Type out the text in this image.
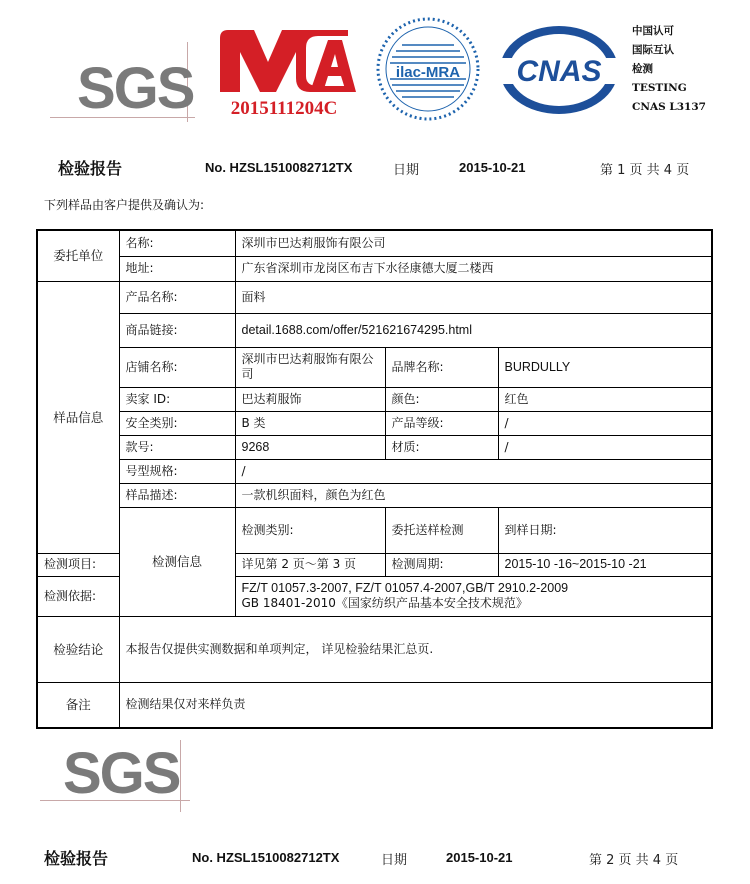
SGS 2015111204C
ilac-MRA CNAS
中国认可
国际互认
检测
TESTING
CNAS L3137
检验报告	No. HZSL1510082712TX	日期	2015-10-21	第 1 页 共 4 页
下列样品由客户提供及确认为:
委托单位	名称:	深圳市巴达莉服饰有限公司			
	地址:	广东省深圳市龙岗区布吉下水径康德大厦二楼西			
样品信息	产品名称:	面料			
	商品链接:	detail.1688.com/offer/521621674295.html			
	店铺名称:	深圳市巴达莉服饰有限公司	品牌名称:	BURDULLY	
	卖家 ID:	巴达莉服饰	颜色:	红色	
	安全类别:	B 类	产品等级:	/	
	款号:	9268	材质:	/	
	号型规格:	/			
	样品描述:	一款机织面料，颜色为红色			
	检测信息	检测类别:	委托送样检测	到样日期:	
检测项目:		详见第 2 页～第 3 页	检测周期:	2015-10 -16~2015-10 -21	
检测依据:		FZ/T 01057.3-2007, FZ/T 01057.4-2007,GB/T 2910.2-2009
GB 18401-2010《国家纺织产品基本安全技术规范》			

检验结论	本报告仅提供实测数据和单项判定， 详见检验结果汇总页.				
备注	检测结果仅对来样负责				
SGS
检验报告	No. HZSL1510082712TX	日期	2015-10-21	第 2 页 共 4 页
